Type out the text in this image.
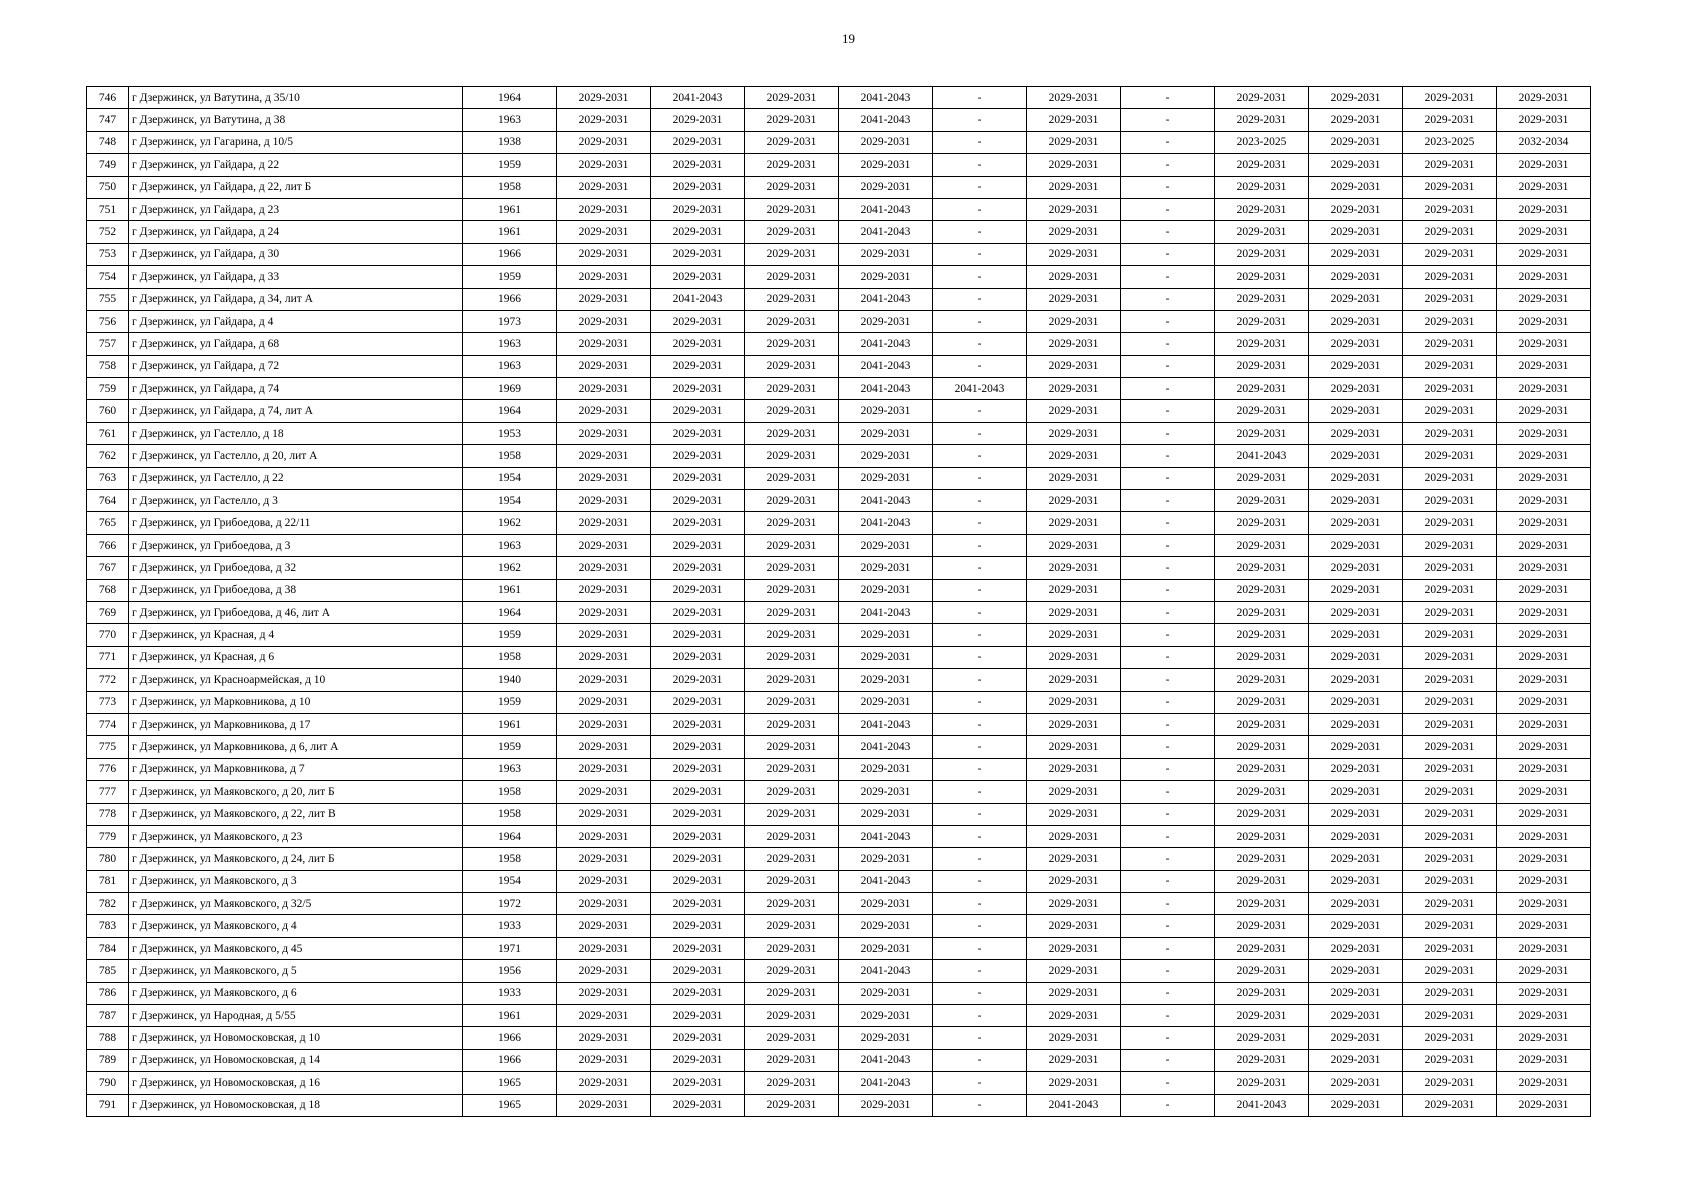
19
746	г Дзержинск, ул Ватутина, д 35/10	1964	2029-2031	2041-2043	2029-2031	2041-2043	-	2029-2031	-	2029-2031	2029-2031	2029-2031	2029-2031
747	г Дзержинск, ул Ватутина, д 38	1963	2029-2031	2029-2031	2029-2031	2041-2043	-	2029-2031	-	2029-2031	2029-2031	2029-2031	2029-2031
748	г Дзержинск, ул Гагарина, д 10/5	1938	2029-2031	2029-2031	2029-2031	2029-2031	-	2029-2031	-	2023-2025	2029-2031	2023-2025	2032-2034
749	г Дзержинск, ул Гайдара, д 22	1959	2029-2031	2029-2031	2029-2031	2029-2031	-	2029-2031	-	2029-2031	2029-2031	2029-2031	2029-2031
750	г Дзержинск, ул Гайдара, д 22, лит Б	1958	2029-2031	2029-2031	2029-2031	2029-2031	-	2029-2031	-	2029-2031	2029-2031	2029-2031	2029-2031
751	г Дзержинск, ул Гайдара, д 23	1961	2029-2031	2029-2031	2029-2031	2041-2043	-	2029-2031	-	2029-2031	2029-2031	2029-2031	2029-2031
752	г Дзержинск, ул Гайдара, д 24	1961	2029-2031	2029-2031	2029-2031	2041-2043	-	2029-2031	-	2029-2031	2029-2031	2029-2031	2029-2031
753	г Дзержинск, ул Гайдара, д 30	1966	2029-2031	2029-2031	2029-2031	2029-2031	-	2029-2031	-	2029-2031	2029-2031	2029-2031	2029-2031
754	г Дзержинск, ул Гайдара, д 33	1959	2029-2031	2029-2031	2029-2031	2029-2031	-	2029-2031	-	2029-2031	2029-2031	2029-2031	2029-2031
755	г Дзержинск, ул Гайдара, д 34, лит А	1966	2029-2031	2041-2043	2029-2031	2041-2043	-	2029-2031	-	2029-2031	2029-2031	2029-2031	2029-2031
756	г Дзержинск, ул Гайдара, д 4	1973	2029-2031	2029-2031	2029-2031	2029-2031	-	2029-2031	-	2029-2031	2029-2031	2029-2031	2029-2031
757	г Дзержинск, ул Гайдара, д 68	1963	2029-2031	2029-2031	2029-2031	2041-2043	-	2029-2031	-	2029-2031	2029-2031	2029-2031	2029-2031
758	г Дзержинск, ул Гайдара, д 72	1963	2029-2031	2029-2031	2029-2031	2041-2043	-	2029-2031	-	2029-2031	2029-2031	2029-2031	2029-2031
759	г Дзержинск, ул Гайдара, д 74	1969	2029-2031	2029-2031	2029-2031	2041-2043	2041-2043	2029-2031	-	2029-2031	2029-2031	2029-2031	2029-2031
760	г Дзержинск, ул Гайдара, д 74, лит А	1964	2029-2031	2029-2031	2029-2031	2029-2031	-	2029-2031	-	2029-2031	2029-2031	2029-2031	2029-2031
761	г Дзержинск, ул Гастелло, д 18	1953	2029-2031	2029-2031	2029-2031	2029-2031	-	2029-2031	-	2029-2031	2029-2031	2029-2031	2029-2031
762	г Дзержинск, ул Гастелло, д 20, лит А	1958	2029-2031	2029-2031	2029-2031	2029-2031	-	2029-2031	-	2041-2043	2029-2031	2029-2031	2029-2031
763	г Дзержинск, ул Гастелло, д 22	1954	2029-2031	2029-2031	2029-2031	2029-2031	-	2029-2031	-	2029-2031	2029-2031	2029-2031	2029-2031
764	г Дзержинск, ул Гастелло, д 3	1954	2029-2031	2029-2031	2029-2031	2041-2043	-	2029-2031	-	2029-2031	2029-2031	2029-2031	2029-2031
765	г Дзержинск, ул Грибоедова, д 22/11	1962	2029-2031	2029-2031	2029-2031	2041-2043	-	2029-2031	-	2029-2031	2029-2031	2029-2031	2029-2031
766	г Дзержинск, ул Грибоедова, д 3	1963	2029-2031	2029-2031	2029-2031	2029-2031	-	2029-2031	-	2029-2031	2029-2031	2029-2031	2029-2031
767	г Дзержинск, ул Грибоедова, д 32	1962	2029-2031	2029-2031	2029-2031	2029-2031	-	2029-2031	-	2029-2031	2029-2031	2029-2031	2029-2031
768	г Дзержинск, ул Грибоедова, д 38	1961	2029-2031	2029-2031	2029-2031	2029-2031	-	2029-2031	-	2029-2031	2029-2031	2029-2031	2029-2031
769	г Дзержинск, ул Грибоедова, д 46, лит А	1964	2029-2031	2029-2031	2029-2031	2041-2043	-	2029-2031	-	2029-2031	2029-2031	2029-2031	2029-2031
770	г Дзержинск, ул Красная, д 4	1959	2029-2031	2029-2031	2029-2031	2029-2031	-	2029-2031	-	2029-2031	2029-2031	2029-2031	2029-2031
771	г Дзержинск, ул Красная, д 6	1958	2029-2031	2029-2031	2029-2031	2029-2031	-	2029-2031	-	2029-2031	2029-2031	2029-2031	2029-2031
772	г Дзержинск, ул Красноармейская, д 10	1940	2029-2031	2029-2031	2029-2031	2029-2031	-	2029-2031	-	2029-2031	2029-2031	2029-2031	2029-2031
773	г Дзержинск, ул Марковникова, д 10	1959	2029-2031	2029-2031	2029-2031	2029-2031	-	2029-2031	-	2029-2031	2029-2031	2029-2031	2029-2031
774	г Дзержинск, ул Марковникова, д 17	1961	2029-2031	2029-2031	2029-2031	2041-2043	-	2029-2031	-	2029-2031	2029-2031	2029-2031	2029-2031
775	г Дзержинск, ул Марковникова, д 6, лит А	1959	2029-2031	2029-2031	2029-2031	2041-2043	-	2029-2031	-	2029-2031	2029-2031	2029-2031	2029-2031
776	г Дзержинск, ул Марковникова, д 7	1963	2029-2031	2029-2031	2029-2031	2029-2031	-	2029-2031	-	2029-2031	2029-2031	2029-2031	2029-2031
777	г Дзержинск, ул Маяковского, д 20, лит Б	1958	2029-2031	2029-2031	2029-2031	2029-2031	-	2029-2031	-	2029-2031	2029-2031	2029-2031	2029-2031
778	г Дзержинск, ул Маяковского, д 22, лит В	1958	2029-2031	2029-2031	2029-2031	2029-2031	-	2029-2031	-	2029-2031	2029-2031	2029-2031	2029-2031
779	г Дзержинск, ул Маяковского, д 23	1964	2029-2031	2029-2031	2029-2031	2041-2043	-	2029-2031	-	2029-2031	2029-2031	2029-2031	2029-2031
780	г Дзержинск, ул Маяковского, д 24, лит Б	1958	2029-2031	2029-2031	2029-2031	2029-2031	-	2029-2031	-	2029-2031	2029-2031	2029-2031	2029-2031
781	г Дзержинск, ул Маяковского, д 3	1954	2029-2031	2029-2031	2029-2031	2041-2043	-	2029-2031	-	2029-2031	2029-2031	2029-2031	2029-2031
782	г Дзержинск, ул Маяковского, д 32/5	1972	2029-2031	2029-2031	2029-2031	2029-2031	-	2029-2031	-	2029-2031	2029-2031	2029-2031	2029-2031
783	г Дзержинск, ул Маяковского, д 4	1933	2029-2031	2029-2031	2029-2031	2029-2031	-	2029-2031	-	2029-2031	2029-2031	2029-2031	2029-2031
784	г Дзержинск, ул Маяковского, д 45	1971	2029-2031	2029-2031	2029-2031	2029-2031	-	2029-2031	-	2029-2031	2029-2031	2029-2031	2029-2031
785	г Дзержинск, ул Маяковского, д 5	1956	2029-2031	2029-2031	2029-2031	2041-2043	-	2029-2031	-	2029-2031	2029-2031	2029-2031	2029-2031
786	г Дзержинск, ул Маяковского, д 6	1933	2029-2031	2029-2031	2029-2031	2029-2031	-	2029-2031	-	2029-2031	2029-2031	2029-2031	2029-2031
787	г Дзержинск, ул Народная, д 5/55	1961	2029-2031	2029-2031	2029-2031	2029-2031	-	2029-2031	-	2029-2031	2029-2031	2029-2031	2029-2031
788	г Дзержинск, ул Новомосковская, д 10	1966	2029-2031	2029-2031	2029-2031	2029-2031	-	2029-2031	-	2029-2031	2029-2031	2029-2031	2029-2031
789	г Дзержинск, ул Новомосковская, д 14	1966	2029-2031	2029-2031	2029-2031	2041-2043	-	2029-2031	-	2029-2031	2029-2031	2029-2031	2029-2031
790	г Дзержинск, ул Новомосковская, д 16	1965	2029-2031	2029-2031	2029-2031	2041-2043	-	2029-2031	-	2029-2031	2029-2031	2029-2031	2029-2031
791	г Дзержинск, ул Новомосковская, д 18	1965	2029-2031	2029-2031	2029-2031	2029-2031	-	2041-2043	-	2041-2043	2029-2031	2029-2031	2029-2031
